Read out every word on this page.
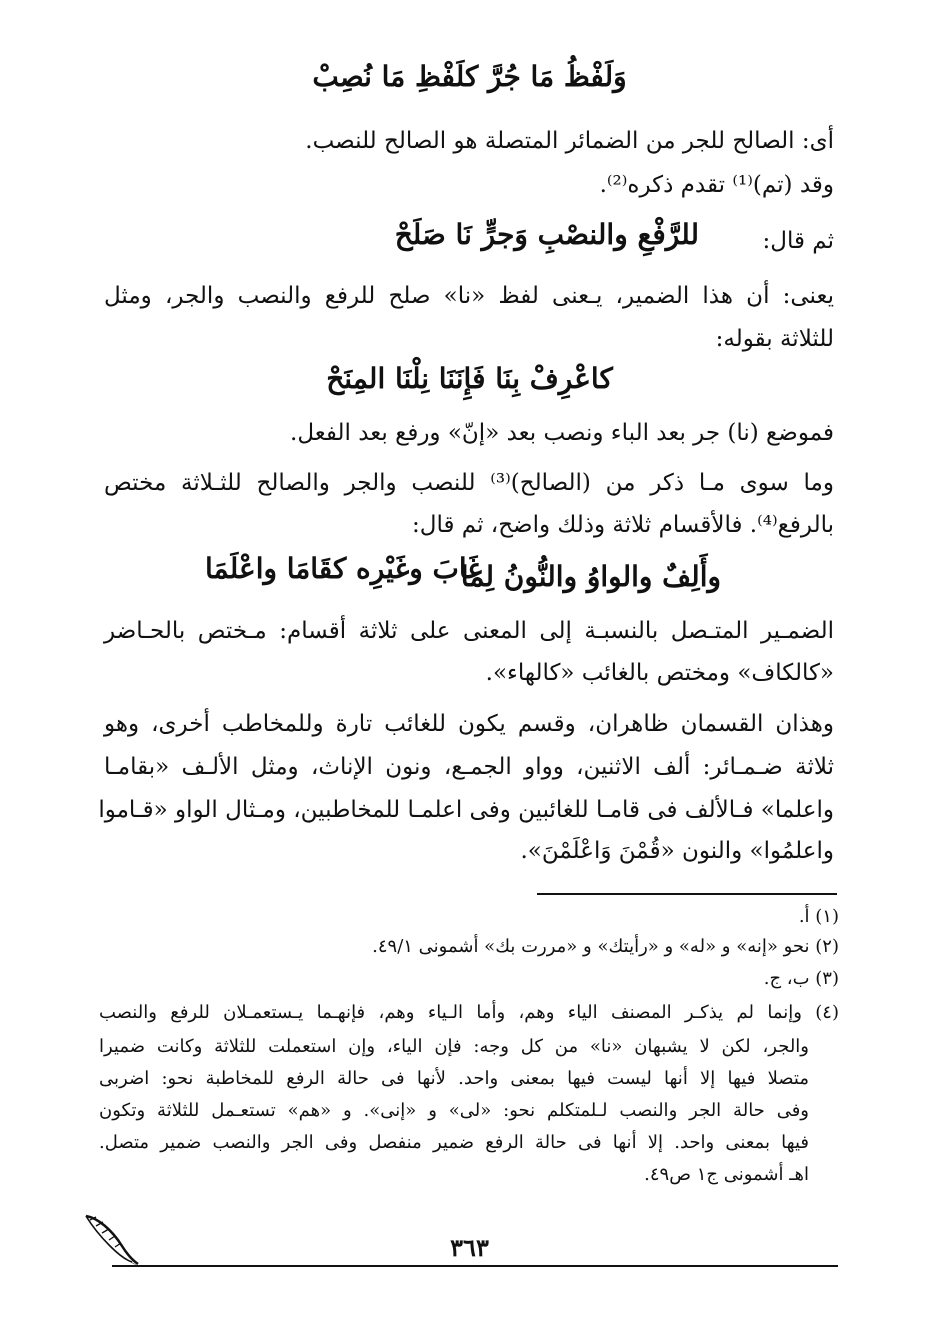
وَلَفْظُ مَا جُرَّ كلَفْظِ مَا نُصِبْ
أى: الصالح للجر من الضمائر المتصلة هو الصالح للنصب.
وقد (تم)⁽¹⁾ تقدم ذكره⁽²⁾.
ثم قال:
للرَّفْعِ والنصْبِ وَجرٍّ نَا صَلَحْ
يعنى: أن هذا الضمير، يـعنى لفظ «نا» صلح للرفع والنصب والجر، ومثل
للثلاثة بقوله:
كاعْرِفْ بِنَا فَإِنَنَا نِلْنَا المِنَحْ
فموضع (نا) جر بعد الباء ونصب بعد «إنّ» ورفع بعد الفعل.
وما سوى مـا ذكر من (الصالح)⁽³⁾ للنصب والجر والصالح للثـلاثة مختص
بالرفع⁽⁴⁾. فالأقسام ثلاثة وذلك واضح، ثم قال:
وأَلِفٌ والواوُ والنُّونُ لِمَا
غَابَ وغَيْرِه كقَامَا واعْلَمَا
الضمـير المتـصل بالنسبـة إلى المعنى على ثلاثة أقسام: مـختص بالحـاضر
«كالكاف» ومختص بالغائب «كالهاء».
وهذان القسمان ظاهران، وقسم يكون للغائب تارة وللمخاطب أخرى، وهو
ثلاثة ضـمـائر: ألف الاثنين، وواو الجمـع، ونون الإناث، ومثل الألـف «بقامـا
واعلما» فـالألف فى قامـا للغائبين وفى اعلمـا للمخاطبين، ومـثال الواو «قـاموا
واعلمُوا» والنون «قُمْنَ وَاعْلَمْنَ».
(١) أ.
(٢) نحو «إنه» و «له» و «رأيتك» و «مررت بك» أشمونى ٤٩/١.
(٣) ب، ج.
(٤) وإنما لم يذكـر المصنف الياء وهم، وأما الـياء وهم، فإنهـما يـستعمـلان للرفع والنصب
والجر، لكن لا يشبهان «نا» من كل وجه: فإن الياء، وإن استعملت للثلاثة وكانت ضميرا
متصلا فيها إلا أنها ليست فيها بمعنى واحد. لأنها فى حالة الرفع للمخاطبة نحو: اضربى
وفى حالة الجر والنصب لـلمتكلم نحو: «لى» و «إنى». و «هم» تستعـمل للثلاثة وتكون
فيها بمعنى واحد. إلا أنها فى حالة الرفع ضمير منفصل وفى الجر والنصب ضمير متصل.
اهـ أشمونى ج١ ص٤٩.
٣٦٣
